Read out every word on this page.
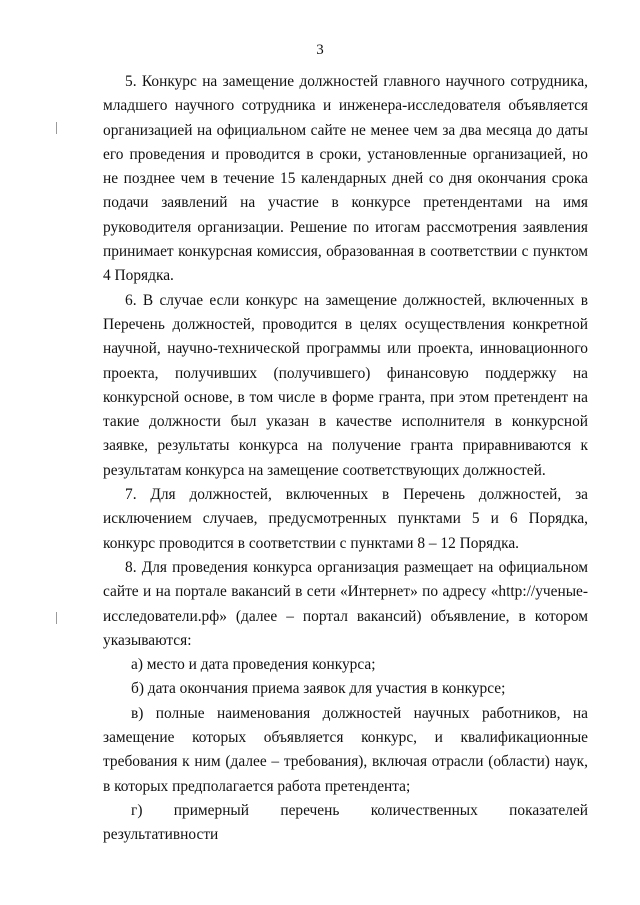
3

5. Конкурс на замещение должностей главного научного сотрудника, младшего научного сотрудника и инженера-исследователя объявляется организацией на официальном сайте не менее чем за два месяца до даты его проведения и проводится в сроки, установленные организацией, но не позднее чем в течение 15 календарных дней со дня окончания срока подачи заявлений на участие в конкурсе претендентами на имя руководителя организации. Решение по итогам рассмотрения заявления принимает конкурсная комиссия, образованная в соответствии с пунктом 4 Порядка.

6. В случае если конкурс на замещение должностей, включенных в Перечень должностей, проводится в целях осуществления конкретной научной, научно-технической программы или проекта, инновационного проекта, получивших (получившего) финансовую поддержку на конкурсной основе, в том числе в форме гранта, при этом претендент на такие должности был указан в качестве исполнителя в конкурсной заявке, результаты конкурса на получение гранта приравниваются к результатам конкурса на замещение соответствующих должностей.

7. Для должностей, включенных в Перечень должностей, за исключением случаев, предусмотренных пунктами 5 и 6 Порядка, конкурс проводится в соответствии с пунктами 8 – 12 Порядка.

8. Для проведения конкурса организация размещает на официальном сайте и на портале вакансий в сети «Интернет» по адресу «http://ученые-исследователи.рф» (далее – портал вакансий) объявление, в котором указываются:

а) место и дата проведения конкурса;

б) дата окончания приема заявок для участия в конкурсе;

в) полные наименования должностей научных работников, на замещение которых объявляется конкурс, и квалификационные требования к ним (далее – требования), включая отрасли (области) наук, в которых предполагается работа претендента;

г) примерный перечень количественных показателей результативности
